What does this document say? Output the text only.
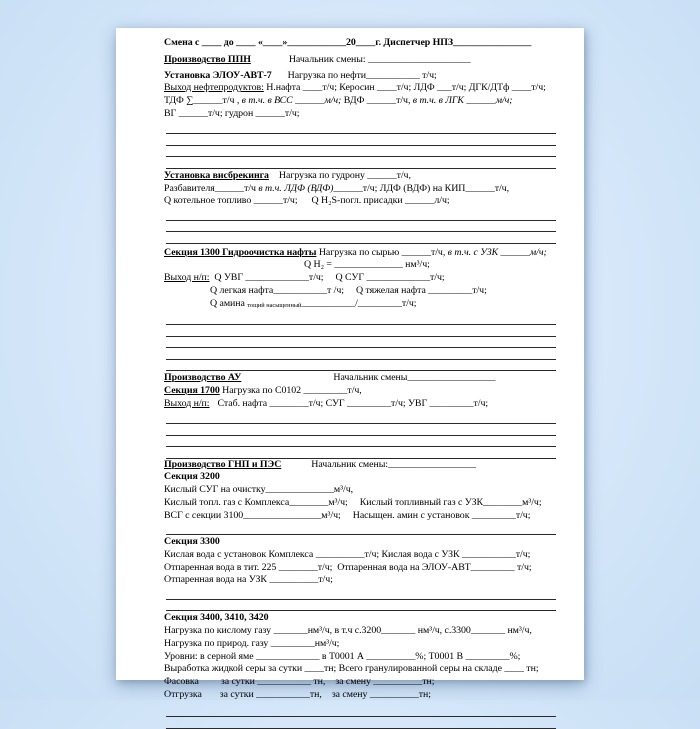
Смена с ____ до ____ «____»____________20____г. Диспетчер НПЗ________________
Производство ППН	Начальник смены: _____________________
Установка ЭЛОУ-АВТ-7 Нагрузка по нефти___________ т/ч;
Выход нефтепродуктов: Н.нафта ____т/ч; Керосин ____т/ч; ЛДФ ___т/ч; ДГК/ДТф ____т/ч;
ТДФ ∑______т/ч , в т.ч. в ВСС ______м/ч; ВДФ ______т/ч, в т.ч. в ЛГК ______м/ч;
ВГ ______т/ч; гудрон ______т/ч;
Установка висбрекинга Нагрузка по гудрону ______т/ч,
Разбавителя______т/ч в т.ч. ЛДФ (ВДФ)______т/ч; ЛДФ (ВДФ) на КИП______т/ч,
Q котельное топливо ______т/ч; Q H₂S-погл. присадки ______л/ч;
Секция 1300 Гидроочистка нафты Нагрузка по сырью ______т/ч, в т.ч. с УЗК ______м/ч;
Q H₂ = ______________ нм³/ч;
Выход н/п:  Q УВГ _____________т/ч; Q СУГ _____________т/ч;
Q легкая нафта___________т /ч; Q тяжелая нафта _________т/ч;
Q амина тощий насыщенный___________/_________т/ч;
Производство АУ	Начальник смены__________________
Секция 1700 Нагрузка по С0102 _________т/ч,
Выход н/п: Стаб. нафта ________т/ч; СУГ _________т/ч; УВГ _________т/ч;
Производство ГНП и ПЭС	Начальник смены:__________________
Секция 3200
Кислый СУГ на очистку______________м³/ч,
Кислый топл. газ с Комплекса________м³/ч; Кислый топливный газ с УЗК________м³/ч;
ВСГ с секции 3100________________м³/ч; Насыщен. амин с установок _________т/ч;
Секция 3300
Кислая вода с установок Комплекса __________т/ч; Кислая вода с УЗК ___________т/ч;
Отпаренная вода в тит. 225 ________т/ч;  Отпаренная вода на ЭЛОУ-АВТ_________ т/ч;
Отпаренная вода на УЗК __________т/ч;
Секция 3400, 3410, 3420
Нагрузка по кислому газу _______нм³/ч, в т.ч с.3200_______ нм³/ч, с.3300_______ нм³/ч,
Нагрузка по природ. газу _________нм³/ч;
Уровни: в серной яме _____________ в Т0001 А __________%; Т0001 В _________%;
Выработка жидкой серы за сутки ____тн; Всего гранулированной серы на складе ____ тн;
Фасовка за сутки ___________ тн, за смену __________тн;
Отгрузка за сутки ___________тн, за смену __________тн;
